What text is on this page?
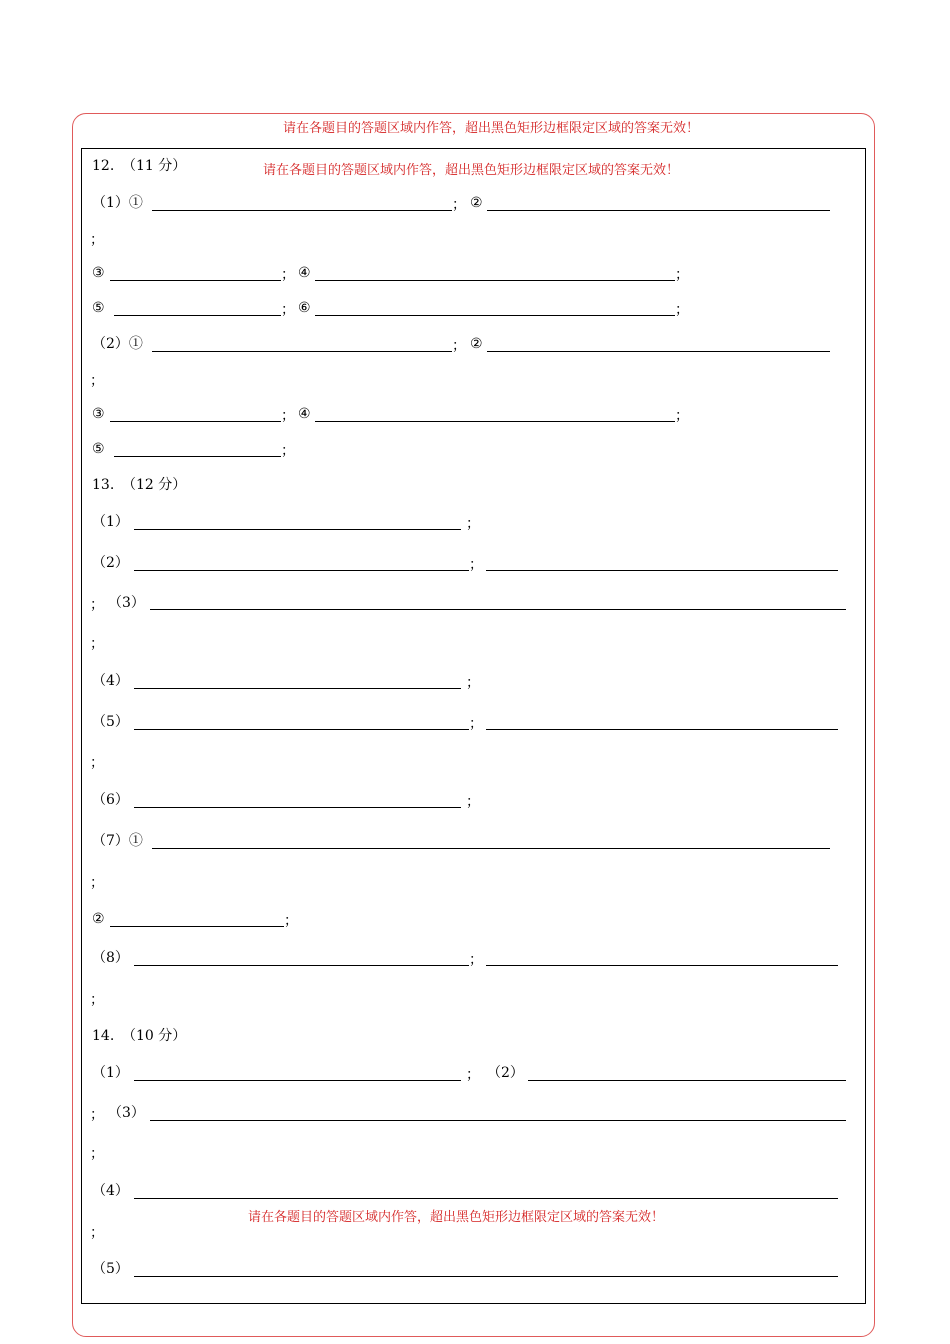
请在各题目的答题区域内作答，超出黑色矩形边框限定区域的答案无效！
请在各题目的答题区域内作答，超出黑色矩形边框限定区域的答案无效！
请在各题目的答题区域内作答，超出黑色矩形边框限定区域的答案无效！
12. （11 分）
（1）①	； ②
；
③	； ④	；
⑤	； ⑥	；
（2）①	； ②
；
③	； ④	；
⑤	；
13. （12 分）
（1）	；
（2）	；
； （3）
；
（4）	；
（5）	；
；
（6）	；
（7）①
；
②	；
（8）	；
；
14. （10 分）
（1）	； （2）
； （3）
；
（4）
；
（5）
